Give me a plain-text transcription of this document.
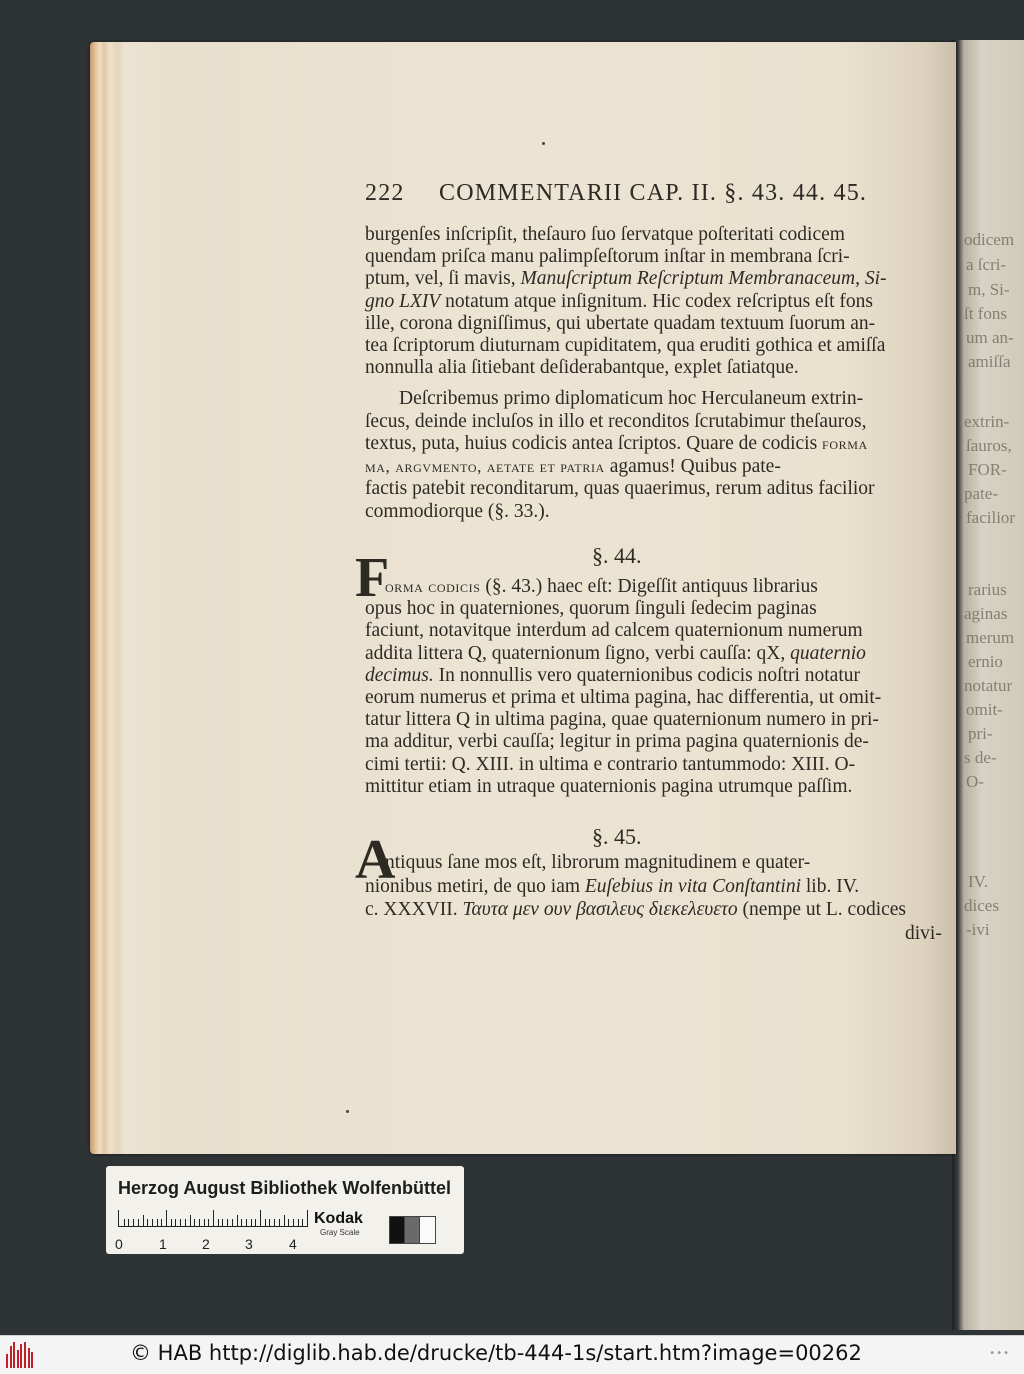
odicem
a ſcri-
m, Si-
ſt fons
um an-
amiſſa
extrin-
ſauros,
FOR-
pate-
facilior
rarius
aginas
merum
ernio
notatur
omit-
pri-
s de-
O-
IV.
dices
-ivi
222 COMMENTARII CAP. II. §. 43. 44. 45.
burgenſes inſcripſit, theſauro ſuo ſervatque poſteritati codicem
quendam priſca manu palimpſeſtorum inſtar in membrana ſcri-
ptum, vel, ſi mavis, Manuſcriptum Reſcriptum Membranaceum, Si-
gno LXIV notatum atque inſignitum. Hic codex reſcriptus eſt fons
ille, corona digniſſimus, qui ubertate quadam textuum ſuorum an-
tea ſcriptorum diuturnam cupiditatem, qua eruditi gothica et amiſſa
nonnulla alia ſitiebant deſiderabantque, explet ſatiatque.
Deſcribemus primo diplomaticum hoc Herculaneum extrin-
ſecus, deinde incluſos in illo et reconditos ſcrutabimur theſauros,
textus, puta, huius codicis antea ſcriptos. Quare de codicis forma
ma, argvmento, aetate et patria agamus! Quibus pate-
factis patebit reconditarum, quas quaerimus, rerum aditus facilior
commodiorque (§. 33.).
§. 44.
F
orma codicis (§. 43.) haec eſt: Digeſſit antiquus librarius
opus hoc in quaterniones, quorum ſinguli ſedecim paginas
faciunt, notavitque interdum ad calcem quaternionum numerum
addita littera Q, quaternionum ſigno, verbi cauſſa: qX, quaternio
decimus. In nonnullis vero quaternionibus codicis noſtri notatur
eorum numerus et prima et ultima pagina, hac differentia, ut omit-
tatur littera Q in ultima pagina, quae quaternionum numero in pri-
ma additur, verbi cauſſa; legitur in prima pagina quaternionis de-
cimi tertii: Q. XIII. in ultima e contrario tantummodo: XIII. O-
mittitur etiam in utraque quaternionis pagina utrumque paſſim.
§. 45.
A
ntiquus ſane mos eſt, librorum magnitudinem e quater-
nionibus metiri, de quo iam Euſebius in vita Conſtantini lib. IV.
c. XXXVII. Ταυτα μεν ουν βασιλευς διεκελευετο (nempe ut L. codices
divi-
Herzog August Bibliothek Wolfenbüttel
0	1	2	3	4
Kodak
Gray Scale
© HAB http://diglib.hab.de/drucke/tb-444-1s/start.htm?image=00262	•••
